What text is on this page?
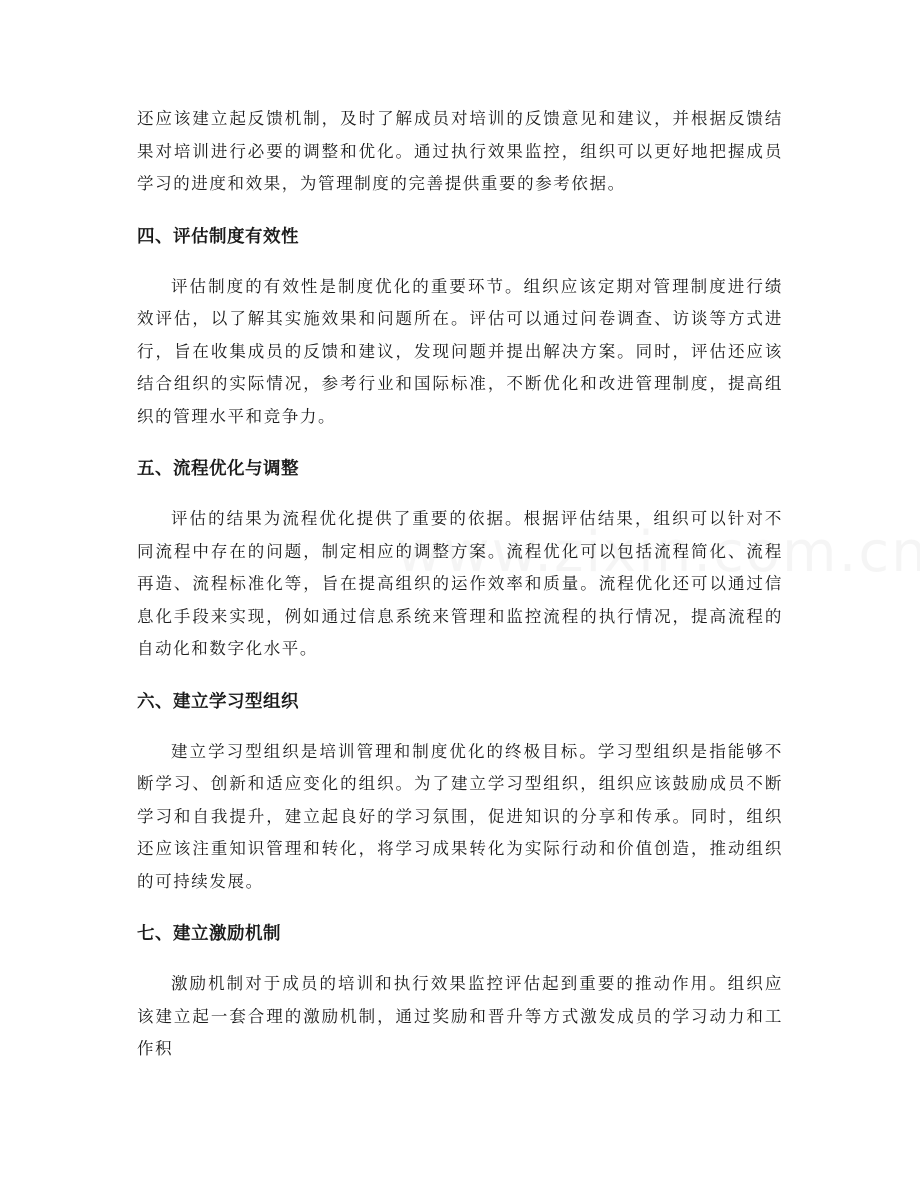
还应该建立起反馈机制，及时了解成员对培训的反馈意见和建议，并根据反馈结果对培训进行必要的调整和优化。通过执行效果监控，组织可以更好地把握成员学习的进度和效果，为管理制度的完善提供重要的参考依据。

四、评估制度有效性

评估制度的有效性是制度优化的重要环节。组织应该定期对管理制度进行绩效评估，以了解其实施效果和问题所在。评估可以通过问卷调查、访谈等方式进行，旨在收集成员的反馈和建议，发现问题并提出解决方案。同时，评估还应该结合组织的实际情况，参考行业和国际标准，不断优化和改进管理制度，提高组织的管理水平和竞争力。

五、流程优化与调整

评估的结果为流程优化提供了重要的依据。根据评估结果，组织可以针对不同流程中存在的问题，制定相应的调整方案。流程优化可以包括流程简化、流程再造、流程标准化等，旨在提高组织的运作效率和质量。流程优化还可以通过信息化手段来实现，例如通过信息系统来管理和监控流程的执行情况，提高流程的自动化和数字化水平。

六、建立学习型组织

建立学习型组织是培训管理和制度优化的终极目标。学习型组织是指能够不断学习、创新和适应变化的组织。为了建立学习型组织，组织应该鼓励成员不断学习和自我提升，建立起良好的学习氛围，促进知识的分享和传承。同时，组织还应该注重知识管理和转化，将学习成果转化为实际行动和价值创造，推动组织的可持续发展。

七、建立激励机制

激励机制对于成员的培训和执行效果监控评估起到重要的推动作用。组织应该建立起一套合理的激励机制，通过奖励和晋升等方式激发成员的学习动力和工作积
